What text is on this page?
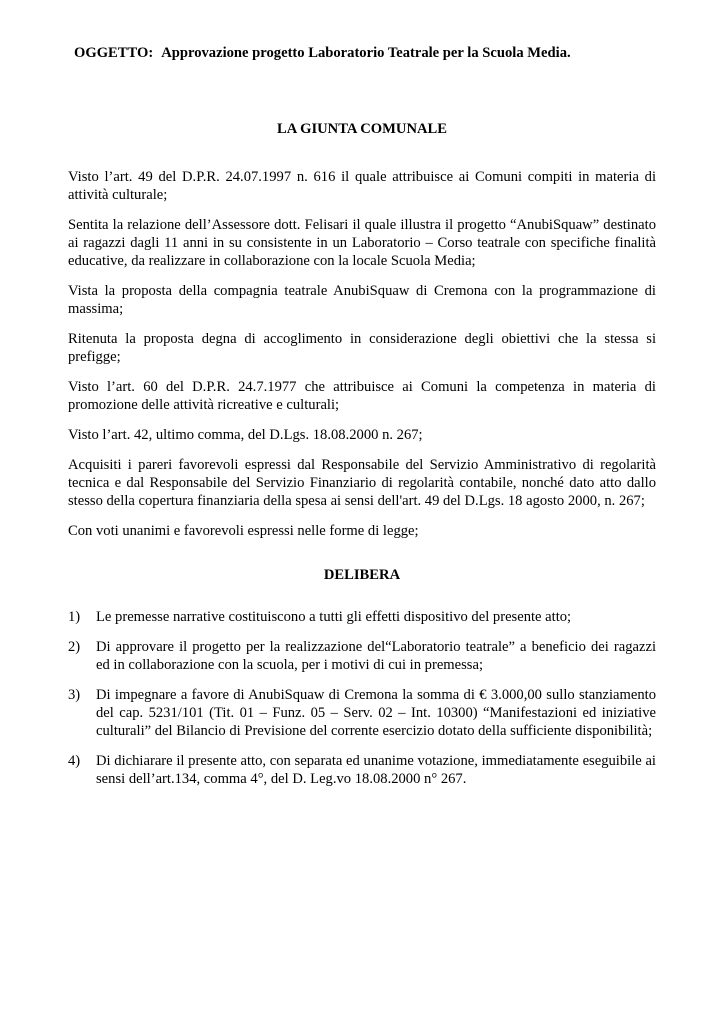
OGGETTO: Approvazione progetto Laboratorio Teatrale per la Scuola Media.
LA GIUNTA COMUNALE

Visto l’art. 49 del D.P.R. 24.07.1997 n. 616 il quale attribuisce ai Comuni compiti in materia di attività culturale;

Sentita la relazione dell’Assessore dott. Felisari il quale illustra il progetto “AnubiSquaw” destinato ai ragazzi dagli 11 anni in su consistente in un Laboratorio – Corso teatrale con specifiche finalità educative, da realizzare in collaborazione con la locale Scuola Media;

Vista la proposta della compagnia teatrale AnubiSquaw di Cremona con la programmazione di massima;

Ritenuta la proposta degna di accoglimento in considerazione degli obiettivi che la stessa si prefigge;

Visto l’art. 60 del D.P.R. 24.7.1977 che attribuisce ai Comuni la competenza in materia di promozione delle attività ricreative e culturali;

Visto l’art. 42, ultimo comma, del D.Lgs. 18.08.2000 n. 267;

Acquisiti i pareri favorevoli espressi dal Responsabile del Servizio Amministrativo di regolarità tecnica e dal Responsabile del Servizio Finanziario di regolarità contabile, nonché dato atto dallo stesso della copertura finanziaria della spesa ai sensi dell'art. 49 del D.Lgs. 18 agosto 2000, n. 267;

Con voti unanimi e favorevoli espressi nelle forme di legge;

DELIBERA
1)	Le premesse narrative costituiscono a tutti gli effetti dispositivo del presente atto;
2)	Di approvare il progetto per la realizzazione del“Laboratorio teatrale” a beneficio dei ragazzi ed in collaborazione con la scuola, per i motivi di cui in premessa;
3)	Di impegnare a favore di AnubiSquaw di Cremona la somma di € 3.000,00 sullo stanziamento del cap. 5231/101 (Tit. 01 – Funz. 05 – Serv. 02 – Int. 10300) “Manifestazioni ed iniziative culturali” del Bilancio di Previsione del corrente esercizio dotato della sufficiente disponibilità;
4)	Di dichiarare il presente atto, con separata ed unanime votazione, immediatamente eseguibile ai sensi dell’art.134, comma 4°, del D. Leg.vo 18.08.2000 n° 267.
